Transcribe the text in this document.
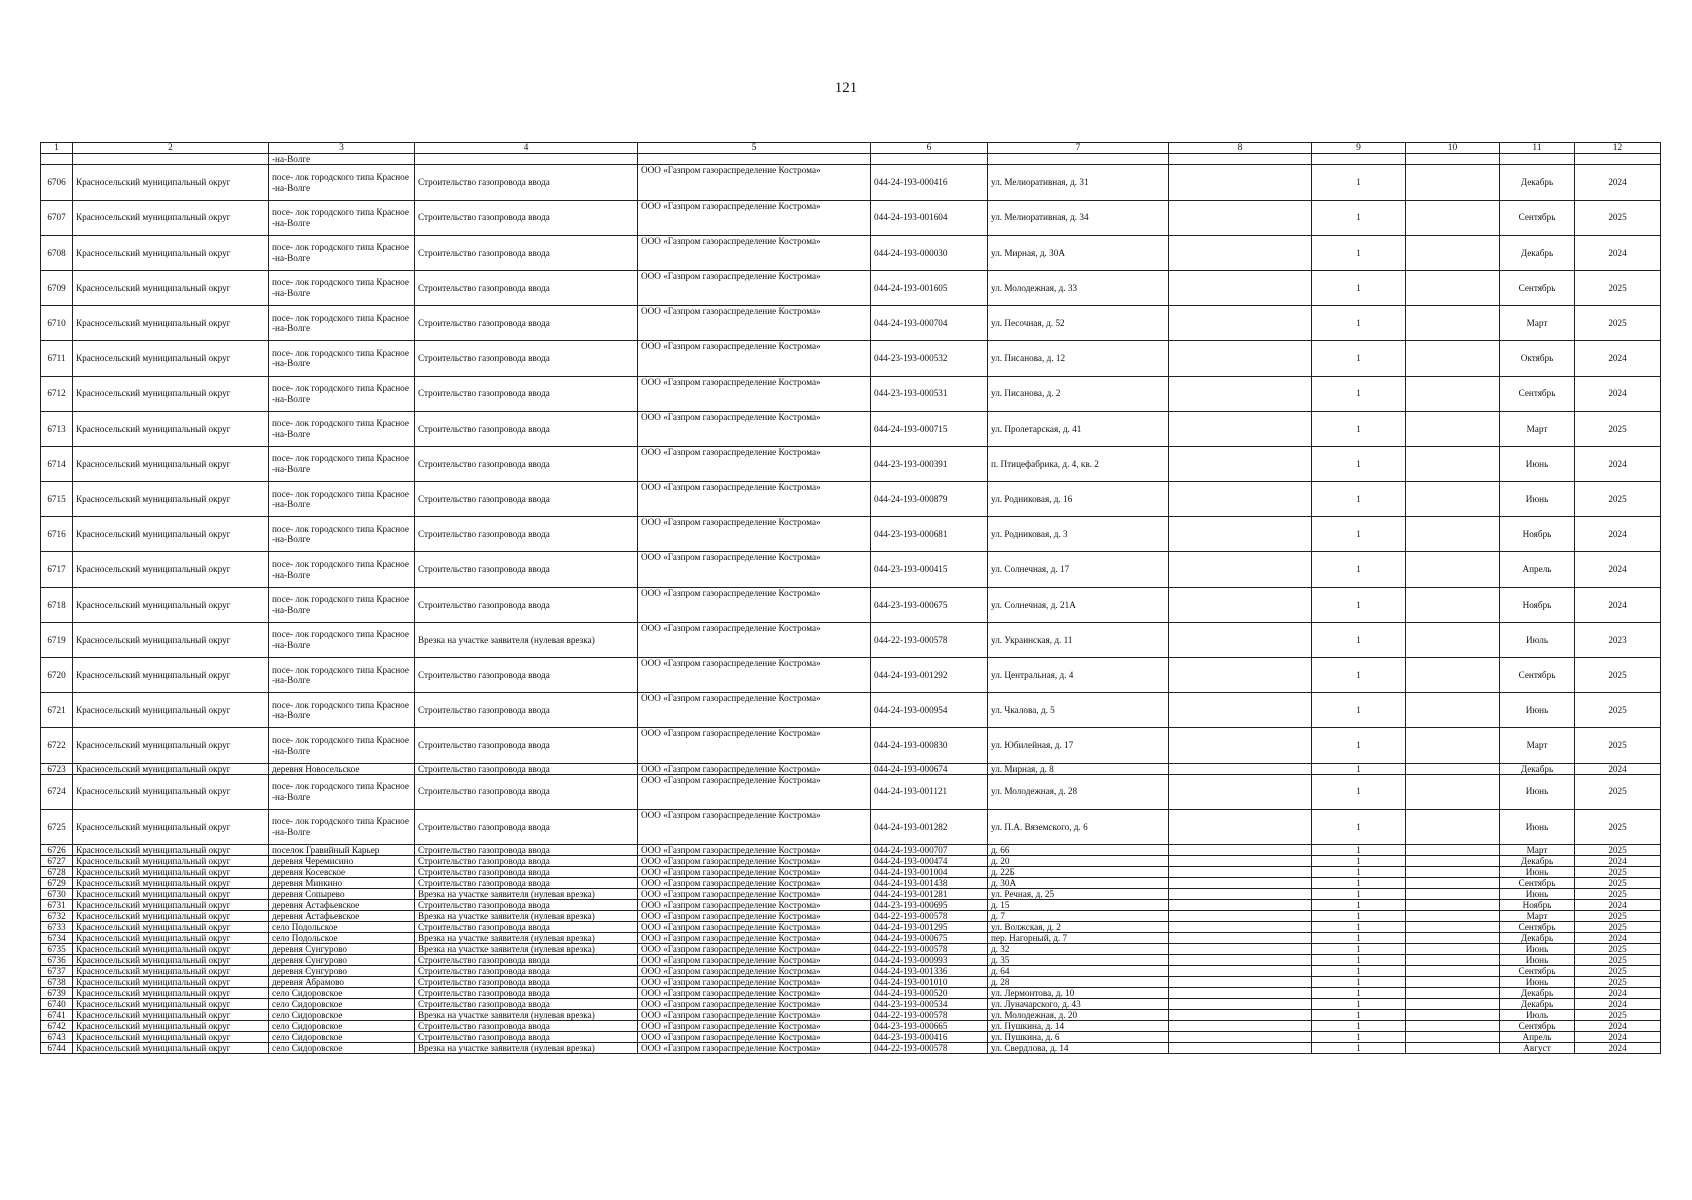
121
1	2	3	4	5	6	7	8	9	10	11	12
		-на-Волге									
6706	Красносельский муниципальный округ	посе- лок городского типа Красное -на-Волге	Строительство газопровода ввода	ООО «Газпром газораспределение Кострома»	044-24-193-000416	ул. Мелиоративная, д. 31		1		Декабрь	2024
6707	Красносельский муниципальный округ	посе- лок городского типа Красное -на-Волге	Строительство газопровода ввода	ООО «Газпром газораспределение Кострома»	044-24-193-001604	ул. Мелиоративная, д. 34		1		Сентябрь	2025
6708	Красносельский муниципальный округ	посе- лок городского типа Красное -на-Волге	Строительство газопровода ввода	ООО «Газпром газораспределение Кострома»	044-24-193-000030	ул. Мирная, д. 30А		1		Декабрь	2024
6709	Красносельский муниципальный округ	посе- лок городского типа Красное -на-Волге	Строительство газопровода ввода	ООО «Газпром газораспределение Кострома»	044-24-193-001605	ул. Молодежная, д. 33		1		Сентябрь	2025
6710	Красносельский муниципальный округ	посе- лок городского типа Красное -на-Волге	Строительство газопровода ввода	ООО «Газпром газораспределение Кострома»	044-24-193-000704	ул. Песочная, д. 52		1		Март	2025
6711	Красносельский муниципальный округ	посе- лок городского типа Красное -на-Волге	Строительство газопровода ввода	ООО «Газпром газораспределение Кострома»	044-23-193-000532	ул. Писанова, д. 12		1		Октябрь	2024
6712	Красносельский муниципальный округ	посе- лок городского типа Красное -на-Волге	Строительство газопровода ввода	ООО «Газпром газораспределение Кострома»	044-23-193-000531	ул. Писанова, д. 2		1		Сентябрь	2024
6713	Красносельский муниципальный округ	посе- лок городского типа Красное -на-Волге	Строительство газопровода ввода	ООО «Газпром газораспределение Кострома»	044-24-193-000715	ул. Пролетарская, д. 41		1		Март	2025
6714	Красносельский муниципальный округ	посе- лок городского типа Красное -на-Волге	Строительство газопровода ввода	ООО «Газпром газораспределение Кострома»	044-23-193-000391	п. Птицефабрика, д. 4, кв. 2		1		Июнь	2024
6715	Красносельский муниципальный округ	посе- лок городского типа Красное -на-Волге	Строительство газопровода ввода	ООО «Газпром газораспределение Кострома»	044-24-193-000879	ул. Родниковая, д. 16		1		Июнь	2025
6716	Красносельский муниципальный округ	посе- лок городского типа Красное -на-Волге	Строительство газопровода ввода	ООО «Газпром газораспределение Кострома»	044-23-193-000681	ул. Родниковая, д. 3		1		Ноябрь	2024
6717	Красносельский муниципальный округ	посе- лок городского типа Красное -на-Волге	Строительство газопровода ввода	ООО «Газпром газораспределение Кострома»	044-23-193-000415	ул. Солнечная, д. 17		1		Апрель	2024
6718	Красносельский муниципальный округ	посе- лок городского типа Красное -на-Волге	Строительство газопровода ввода	ООО «Газпром газораспределение Кострома»	044-23-193-000675	ул. Солнечная, д. 21А		1		Ноябрь	2024
6719	Красносельский муниципальный округ	посе- лок городского типа Красное -на-Волге	Врезка на участке заявителя (нулевая врезка)	ООО «Газпром газораспределение Кострома»	044-22-193-000578	ул. Украинская, д. 11		1		Июль	2023
6720	Красносельский муниципальный округ	посе- лок городского типа Красное -на-Волге	Строительство газопровода ввода	ООО «Газпром газораспределение Кострома»	044-24-193-001292	ул. Центральная, д. 4		1		Сентябрь	2025
6721	Красносельский муниципальный округ	посе- лок городского типа Красное -на-Волге	Строительство газопровода ввода	ООО «Газпром газораспределение Кострома»	044-24-193-000954	ул. Чкалова, д. 5		1		Июнь	2025
6722	Красносельский муниципальный округ	посе- лок городского типа Красное -на-Волге	Строительство газопровода ввода	ООО «Газпром газораспределение Кострома»	044-24-193-000830	ул. Юбилейная, д. 17		1		Март	2025
6723	Красносельский муниципальный округ	деревня Новосельское	Строительство газопровода ввода	ООО «Газпром газораспределение Кострома»	044-24-193-000674	ул. Мирная, д. 8		1		Декабрь	2024
6724	Красносельский муниципальный округ	посе- лок городского типа Красное -на-Волге	Строительство газопровода ввода	ООО «Газпром газораспределение Кострома»	044-24-193-001121	ул. Молодежная, д. 28		1		Июнь	2025
6725	Красносельский муниципальный округ	посе- лок городского типа Красное -на-Волге	Строительство газопровода ввода	ООО «Газпром газораспределение Кострома»	044-24-193-001282	ул. П.А. Вяземского, д. 6		1		Июнь	2025
6726	Красносельский муниципальный округ	поселок Гравийный Карьер	Строительство газопровода ввода	ООО «Газпром газораспределение Кострома»	044-24-193-000707	д. 66		1		Март	2025
6727	Красносельский муниципальный округ	деревня Черемисино	Строительство газопровода ввода	ООО «Газпром газораспределение Кострома»	044-24-193-000474	д. 20		1		Декабрь	2024
6728	Красносельский муниципальный округ	деревня Косевское	Строительство газопровода ввода	ООО «Газпром газораспределение Кострома»	044-24-193-001004	д. 22Б		1		Июнь	2025
6729	Красносельский муниципальный округ	деревня Минкино	Строительство газопровода ввода	ООО «Газпром газораспределение Кострома»	044-24-193-001438	д. 30А		1		Сентябрь	2025
6730	Красносельский муниципальный округ	деревня Сопырево	Врезка на участке заявителя (нулевая врезка)	ООО «Газпром газораспределение Кострома»	044-24-193-001281	ул. Речная, д. 25		1		Июнь	2025
6731	Красносельский муниципальный округ	деревня Астафьевское	Строительство газопровода ввода	ООО «Газпром газораспределение Кострома»	044-23-193-000695	д. 15		1		Ноябрь	2024
6732	Красносельский муниципальный округ	деревня Астафьевское	Врезка на участке заявителя (нулевая врезка)	ООО «Газпром газораспределение Кострома»	044-22-193-000578	д. 7		1		Март	2025
6733	Красносельский муниципальный округ	село Подольское	Строительство газопровода ввода	ООО «Газпром газораспределение Кострома»	044-24-193-001295	ул. Волжская, д. 2		1		Сентябрь	2025
6734	Красносельский муниципальный округ	село Подольское	Врезка на участке заявителя (нулевая врезка)	ООО «Газпром газораспределение Кострома»	044-24-193-000675	пер. Нагорный, д. 7		1		Декабрь	2024
6735	Красносельский муниципальный округ	деревня Сунгурово	Врезка на участке заявителя (нулевая врезка)	ООО «Газпром газораспределение Кострома»	044-22-193-000578	д. 32		1		Июнь	2025
6736	Красносельский муниципальный округ	деревня Сунгурово	Строительство газопровода ввода	ООО «Газпром газораспределение Кострома»	044-24-193-000993	д. 35		1		Июнь	2025
6737	Красносельский муниципальный округ	деревня Сунгурово	Строительство газопровода ввода	ООО «Газпром газораспределение Кострома»	044-24-193-001336	д. 64		1		Сентябрь	2025
6738	Красносельский муниципальный округ	деревня Абрамово	Строительство газопровода ввода	ООО «Газпром газораспределение Кострома»	044-24-193-001010	д. 28		1		Июнь	2025
6739	Красносельский муниципальный округ	село Сидоровское	Строительство газопровода ввода	ООО «Газпром газораспределение Кострома»	044-24-193-000520	ул. Лермонтова, д. 10		1		Декабрь	2024
6740	Красносельский муниципальный округ	село Сидоровское	Строительство газопровода ввода	ООО «Газпром газораспределение Кострома»	044-23-193-000534	ул. Луначарского, д. 43		1		Декабрь	2024
6741	Красносельский муниципальный округ	село Сидоровское	Врезка на участке заявителя (нулевая врезка)	ООО «Газпром газораспределение Кострома»	044-22-193-000578	ул. Молодежная, д. 20		1		Июль	2025
6742	Красносельский муниципальный округ	село Сидоровское	Строительство газопровода ввода	ООО «Газпром газораспределение Кострома»	044-23-193-000665	ул. Пушкина, д. 14		1		Сентябрь	2024
6743	Красносельский муниципальный округ	село Сидоровское	Строительство газопровода ввода	ООО «Газпром газораспределение Кострома»	044-23-193-000416	ул. Пушкина, д. 6		1		Апрель	2024
6744	Красносельский муниципальный округ	село Сидоровское	Врезка на участке заявителя (нулевая врезка)	ООО «Газпром газораспределение Кострома»	044-22-193-000578	ул. Свердлова, д. 14		1		Август	2024
